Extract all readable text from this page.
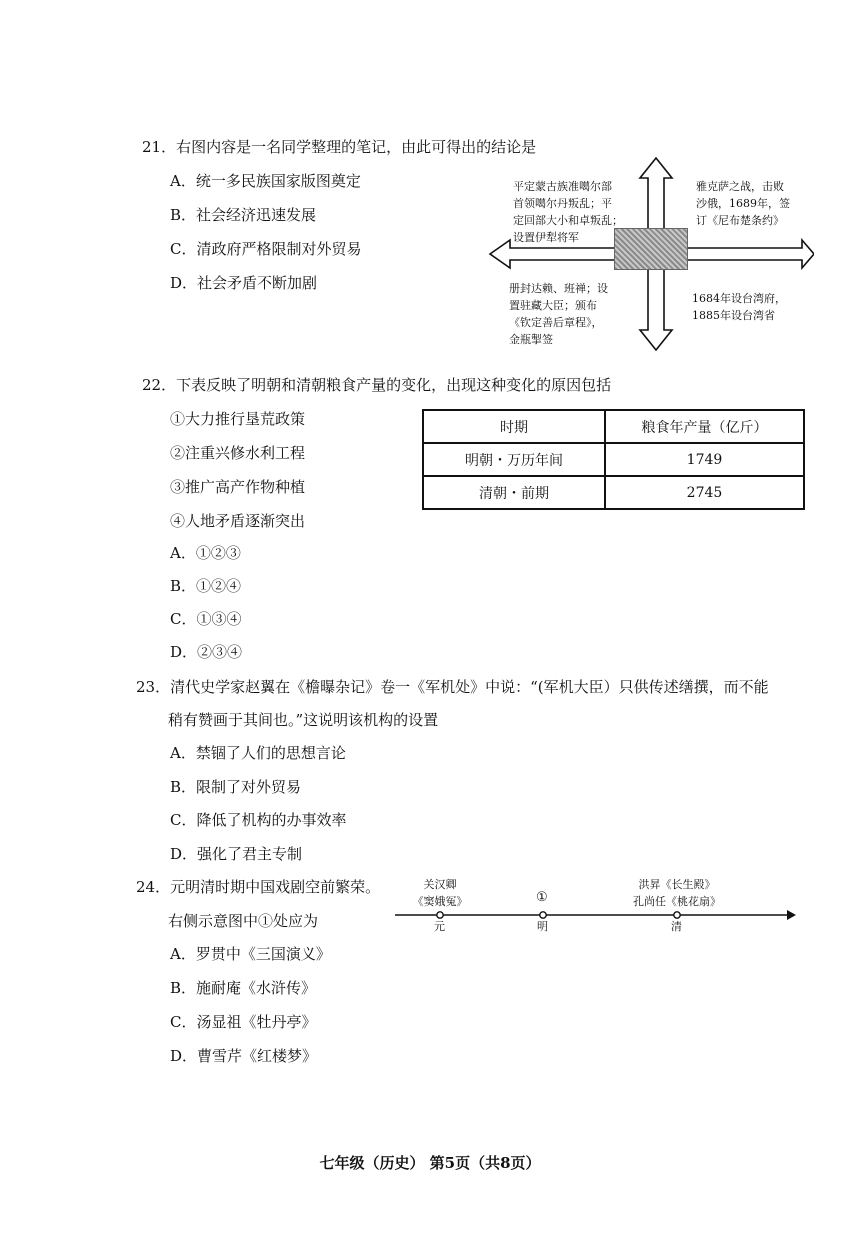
21．右图内容是一名同学整理的笔记，由此可得出的结论是
A．统一多民族国家版图奠定
B．社会经济迅速发展
C．清政府严格限制对外贸易
D．社会矛盾不断加剧
平定蒙古族准噶尔部
首领噶尔丹叛乱；平
定回部大小和卓叛乱；
设置伊犁将军
雅克萨之战，击败
沙俄，1689年，签
订《尼布楚条约》
册封达赖、班禅；设
置驻藏大臣；颁布
《钦定善后章程》，
金瓶掣签
1684年设台湾府，
1885年设台湾省
22．下表反映了明朝和清朝粮食产量的变化，出现这种变化的原因包括
①大力推行垦荒政策
②注重兴修水利工程
③推广高产作物种植
④人地矛盾逐渐突出
A．①②③
B．①②④
C．①③④
D．②③④
时期	粮食年产量（亿斤）
明朝・万历年间	1749
清朝・前期	2745
23．清代史学家赵翼在《檐曝杂记》卷一《军机处》中说：“(军机大臣）只供传述缮撰，而不能
稍有赞画于其间也。”这说明该机构的设置
A．禁锢了人们的思想言论
B．限制了对外贸易
C．降低了机构的办事效率
D．强化了君主专制
24．元明清时期中国戏剧空前繁荣。
右侧示意图中①处应为
A．罗贯中《三国演义》
B．施耐庵《水浒传》
C．汤显祖《牡丹亭》
D．曹雪芹《红楼梦》
关汉卿
《窦娥冤》	①
洪昇《长生殿》
孔尚任《桃花扇》
元	明	清
七年级（历史） 第5页（共8页）
